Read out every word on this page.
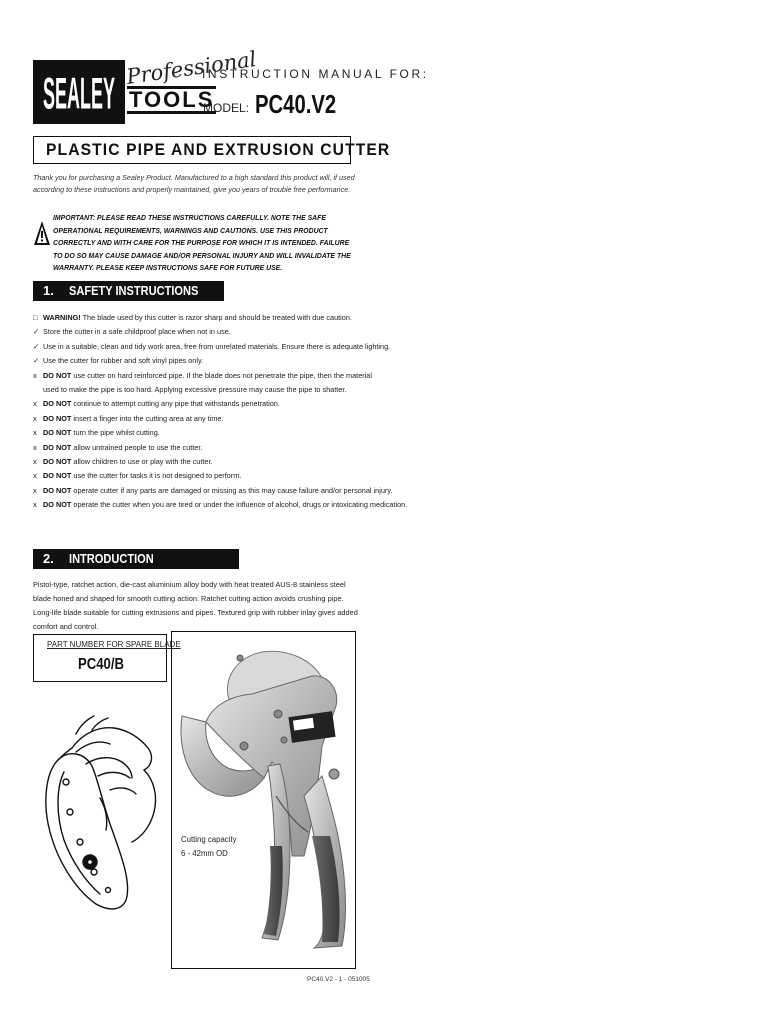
SEALEY
Professional
TOOLS
INSTRUCTION MANUAL FOR:
MODEL: PC40.V2
PLASTIC PIPE AND EXTRUSION CUTTER
Thank you for purchasing a Sealey Product. Manufactured to a high standard this product will, if used according to these instructions and properly maintained, give you years of trouble free performance.
IMPORTANT: PLEASE READ THESE INSTRUCTIONS CAREFULLY. NOTE THE SAFE OPERATIONAL REQUIREMENTS, WARNINGS AND CAUTIONS. USE THIS PRODUCT CORRECTLY AND WITH CARE FOR THE PURPOSE FOR WHICH IT IS INTENDED. FAILURE TO DO SO MAY CAUSE DAMAGE AND/OR PERSONAL INJURY AND WILL INVALIDATE THE WARRANTY. PLEASE KEEP INSTRUCTIONS SAFE FOR FUTURE USE.
1. SAFETY INSTRUCTIONS
□ WARNING! The blade used by this cutter is razor sharp and should be treated with due caution.
✓ Store the cutter in a safe childproof place when not in use.
✓ Use in a suitable, clean and tidy work area, free from unrelated materials. Ensure there is adequate lighting.
✓ Use the cutter for rubber and soft vinyl pipes only.
x DO NOT use cutter on hard reinforced pipe. If the blade does not penetrate the pipe, then the material
used to make the pipe is too hard. Applying excessive pressure may cause the pipe to shatter.
x DO NOT continue to attempt cutting any pipe that withstands penetration.
x DO NOT insert a finger into the cutting area at any time.
x DO NOT turn the pipe whilst cutting.
x DO NOT allow untrained people to use the cutter.
x DO NOT allow children to use or play with the cutter.
x DO NOT use the cutter for tasks it is not designed to perform.
x DO NOT operate cutter if any parts are damaged or missing as this may cause failure and/or personal injury.
x DO NOT operate the cutter when you are tired or under the influence of alcohol, drugs or intoxicating medication.
2. INTRODUCTION
Pistol-type, ratchet action, die-cast aluminium alloy body with heat treated AUS-8 stainless steel blade honed and shaped for smooth cutting action. Ratchet cutting action avoids crushing pipe. Long-life blade suitable for cutting extrusions and pipes. Textured grip with rubber inlay gives added comfort and control.
PART NUMBER FOR SPARE BLADE
PC40/B
Cutting capacity
6 - 42mm OD
PC40.V2 - 1 - 051005
